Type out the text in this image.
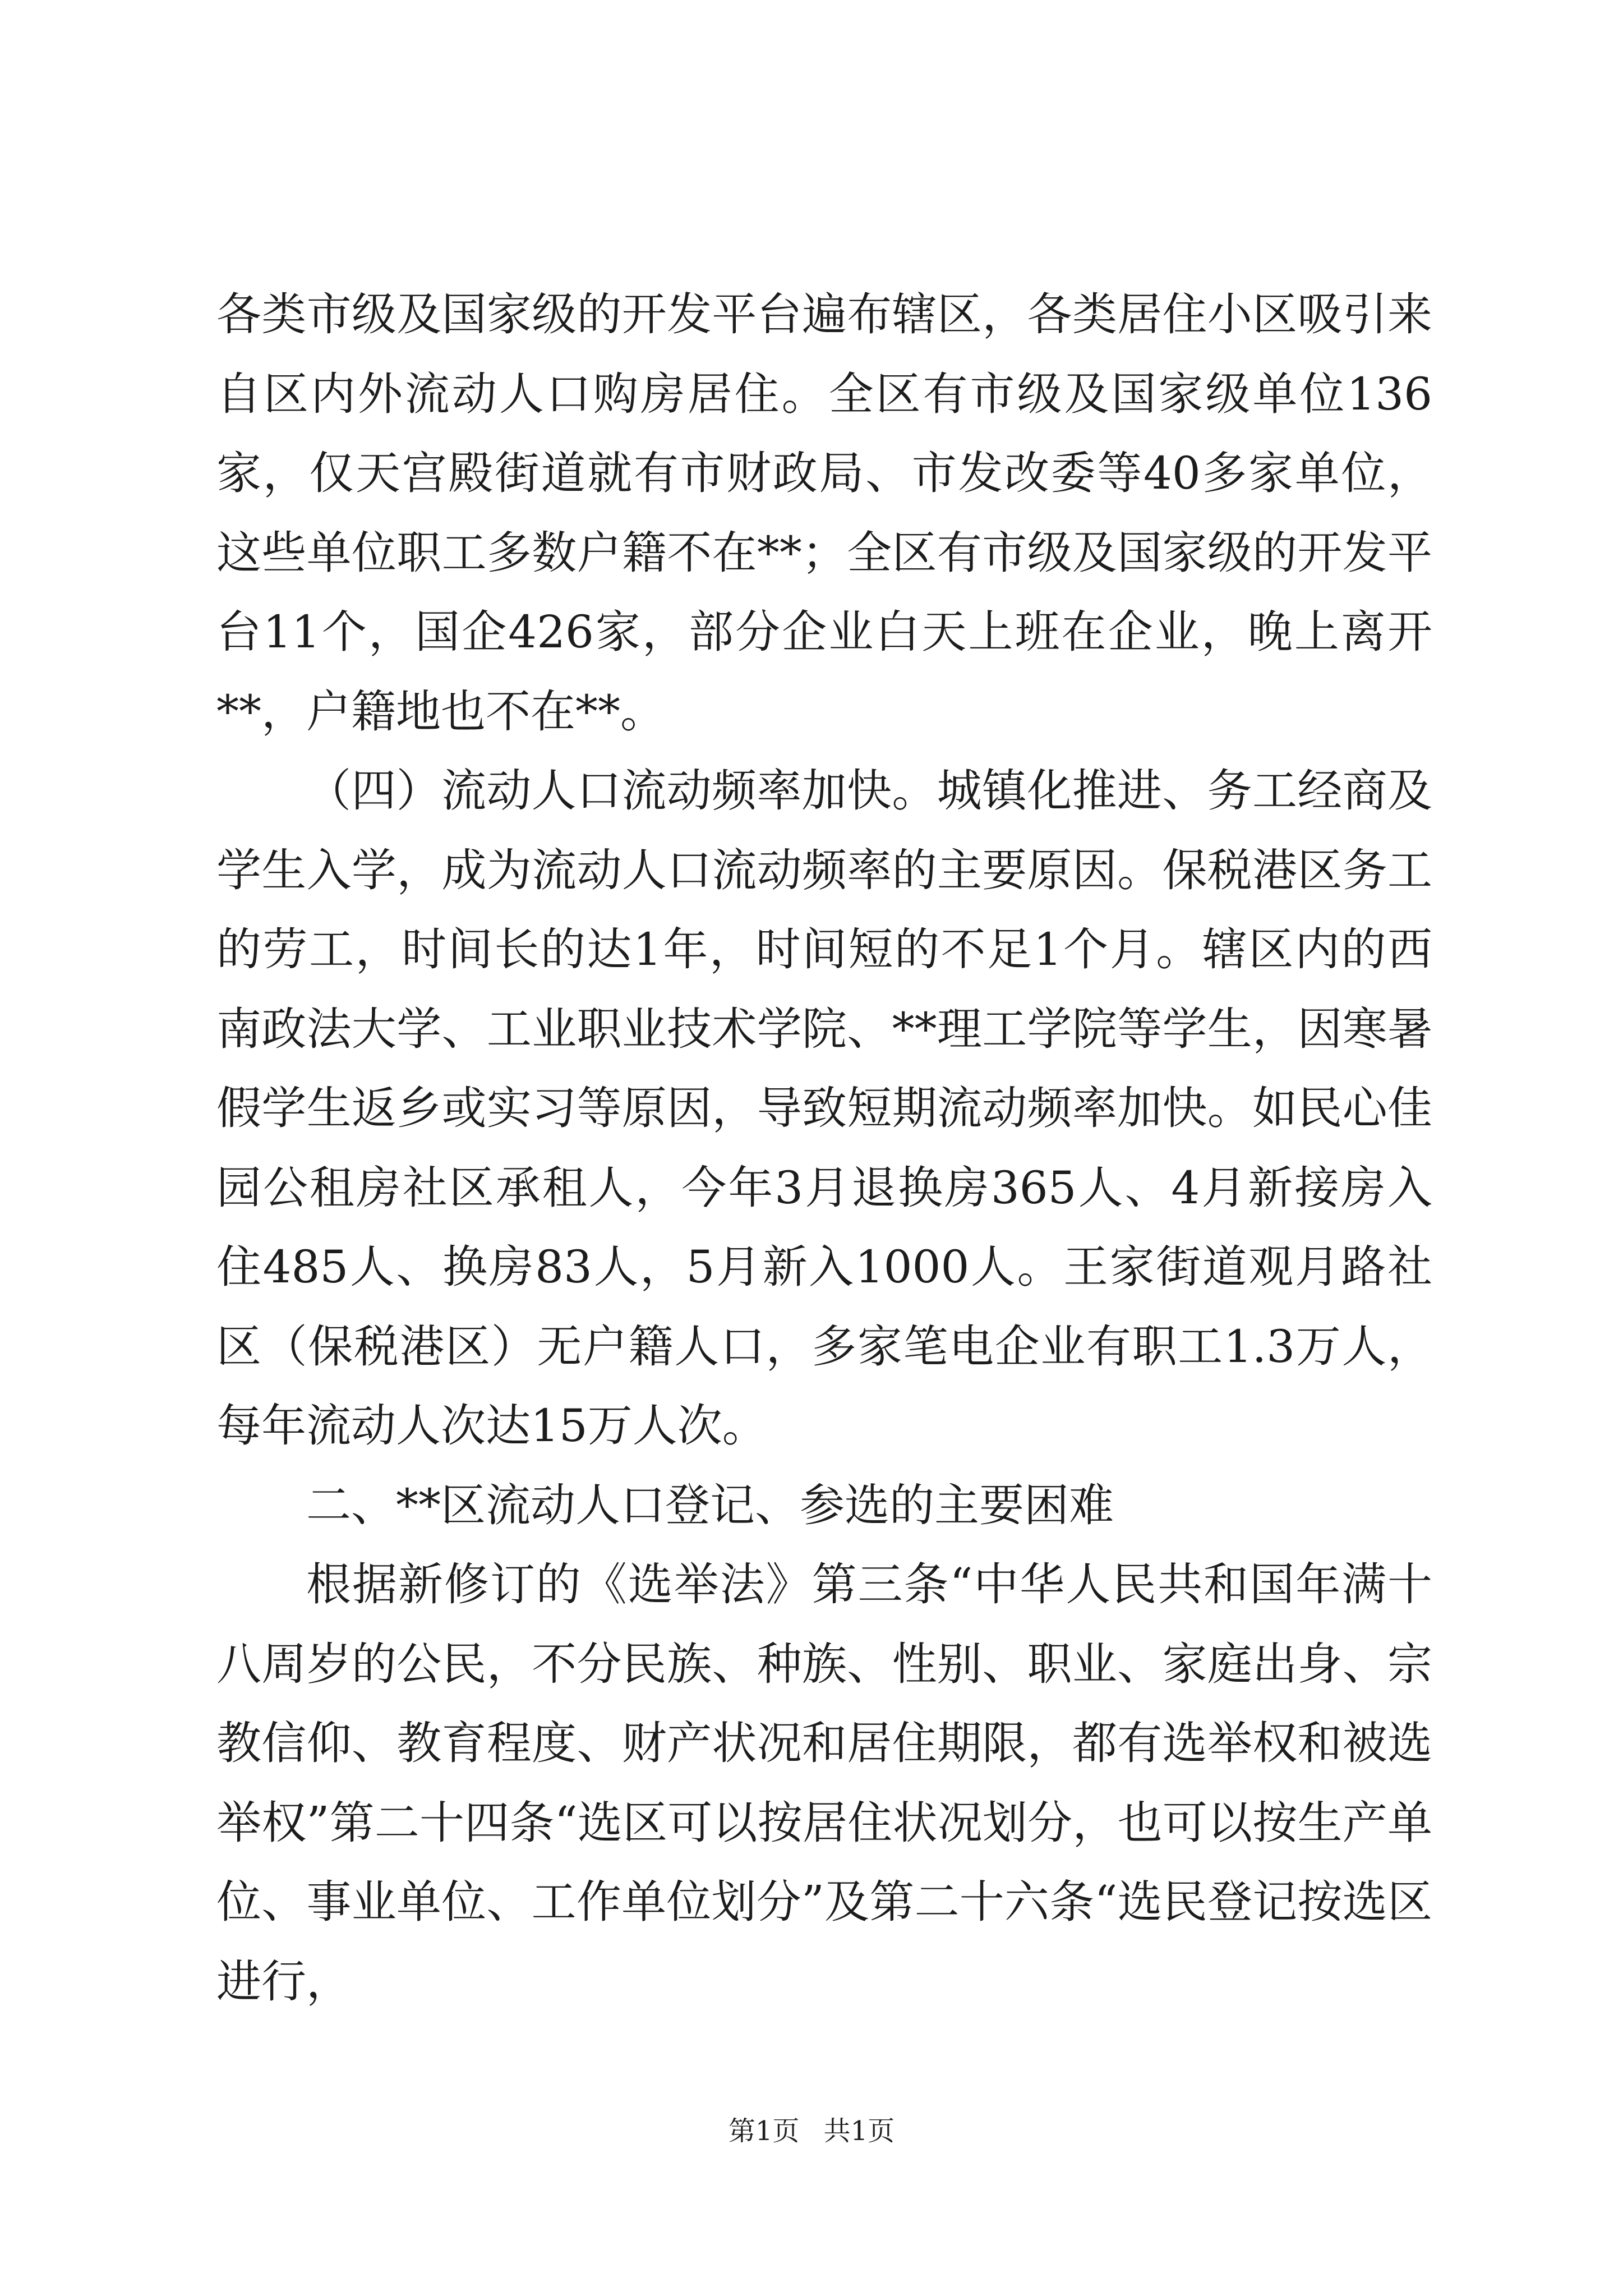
各类市级及国家级的开发平台遍布辖区，各类居住小区吸引来自区内外流动人口购房居住。全区有市级及国家级单位136家，仅天宫殿街道就有市财政局、市发改委等40多家单位，这些单位职工多数户籍不在**；全区有市级及国家级的开发平台11个，国企426家，部分企业白天上班在企业，晚上离开**，户籍地也不在**。

（四）流动人口流动频率加快。城镇化推进、务工经商及学生入学，成为流动人口流动频率的主要原因。保税港区务工的劳工，时间长的达1年，时间短的不足1个月。辖区内的西南政法大学、工业职业技术学院、**理工学院等学生，因寒暑假学生返乡或实习等原因，导致短期流动频率加快。如民心佳园公租房社区承租人，今年3月退换房365人、4月新接房入住485人、换房83人，5月新入1000人。王家街道观月路社区（保税港区）无户籍人口，多家笔电企业有职工1.3万人，每年流动人次达15万人次。

二、**区流动人口登记、参选的主要困难

根据新修订的《选举法》第三条“中华人民共和国年满十八周岁的公民，不分民族、种族、性别、职业、家庭出身、宗教信仰、教育程度、财产状况和居住期限，都有选举权和被选举权”第二十四条“选区可以按居住状况划分，也可以按生产单位、事业单位、工作单位划分”及第二十六条“选民登记按选区进行，

第1页 共1页
